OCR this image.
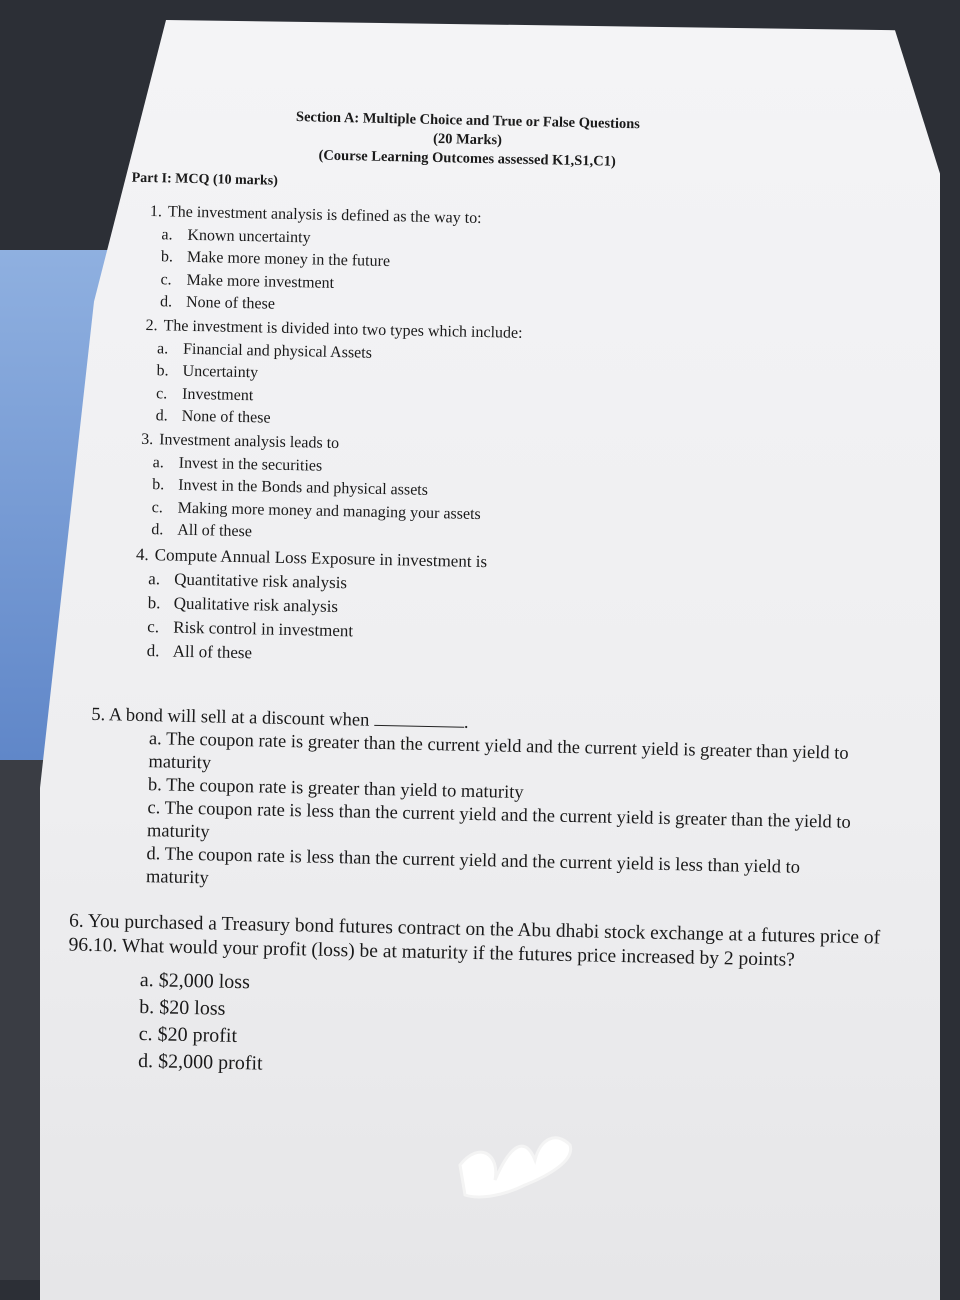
Section A: Multiple Choice and True or False Questions
(20 Marks)
(Course Learning Outcomes assessed K1,S1,C1)
Part I: MCQ (10 marks)
1. The investment analysis is defined as the way to:
a. Known uncertainty
b. Make more money in the future
c. Make more investment
d. None of these
2. The investment is divided into two types which include:
a. Financial and physical Assets
b. Uncertainty
c. Investment
d. None of these
3. Investment analysis leads to
a. Invest in the securities
b. Invest in the Bonds and physical assets
c. Making more money and managing your assets
d. All of these
4. Compute Annual Loss Exposure in investment is
a. Quantitative risk analysis
b. Qualitative risk analysis
c. Risk control in investment
d. All of these
5. A bond will sell at a discount when	.
a. The coupon rate is greater than the current yield and the current yield is greater than yield to maturity
b. The coupon rate is greater than yield to maturity
c. The coupon rate is less than the current yield and the current yield is greater than the yield to maturity
d. The coupon rate is less than the current yield and the current yield is less than yield to maturity
6. You purchased a Treasury bond futures contract on the Abu dhabi stock exchange at a futures price of 96.10. What would your profit (loss) be at maturity if the futures price increased by 2 points?
a. $2,000 loss
b. $20 loss
c. $20 profit
d. $2,000 profit
